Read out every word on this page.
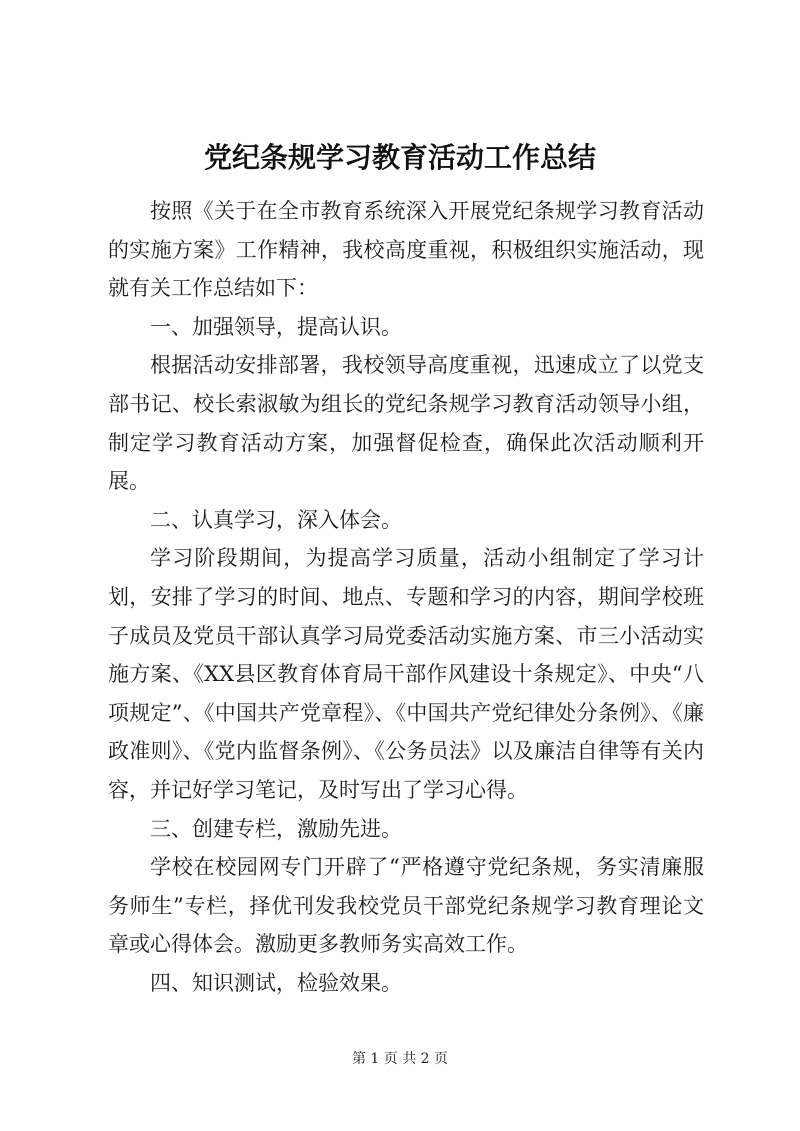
党纪条规学习教育活动工作总结

按照《关于在全市教育系统深入开展党纪条规学习教育活动的实施方案》工作精神，我校高度重视，积极组织实施活动，现就有关工作总结如下：

一、加强领导，提高认识。

根据活动安排部署，我校领导高度重视，迅速成立了以党支部书记、校长索淑敏为组长的党纪条规学习教育活动领导小组，制定学习教育活动方案，加强督促检查，确保此次活动顺利开展。

二、认真学习，深入体会。

学习阶段期间，为提高学习质量，活动小组制定了学习计划，安排了学习的时间、地点、专题和学习的内容，期间学校班子成员及党员干部认真学习局党委活动实施方案、市三小活动实施方案、《XX县区教育体育局干部作风建设十条规定》、中央“八项规定”、《中国共产党章程》、《中国共产党纪律处分条例》、《廉政准则》、《党内监督条例》、《公务员法》以及廉洁自律等有关内容，并记好学习笔记，及时写出了学习心得。

三、创建专栏，激励先进。

学校在校园网专门开辟了“严格遵守党纪条规，务实清廉服务师生”专栏，择优刊发我校党员干部党纪条规学习教育理论文章或心得体会。激励更多教师务实高效工作。

四、知识测试，检验效果。

第 1 页 共 2 页
